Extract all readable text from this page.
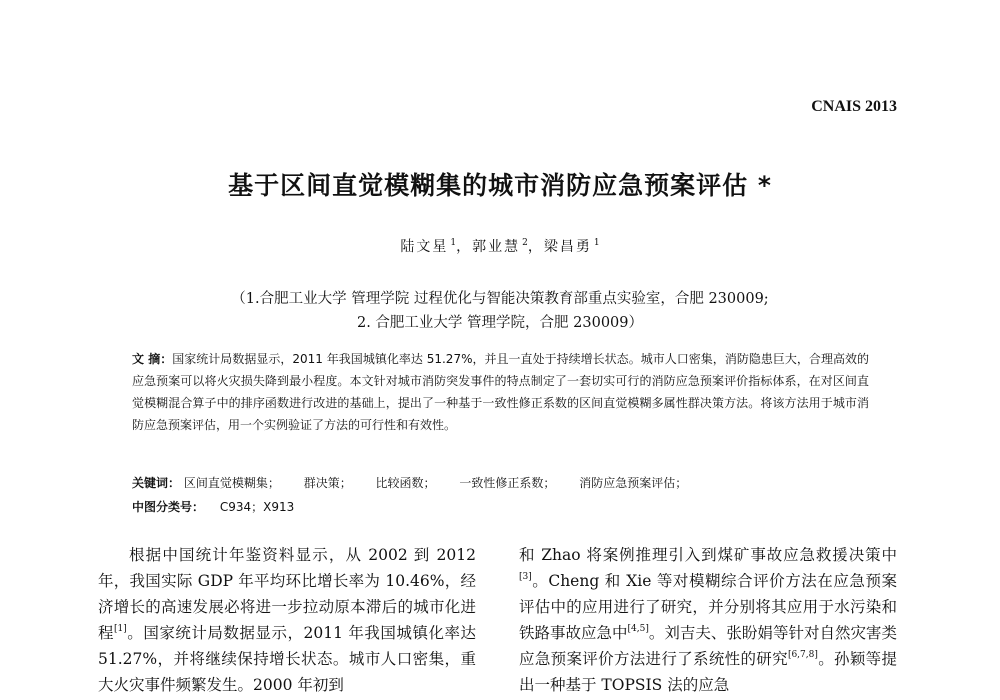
CNAIS 2013
基于区间直觉模糊集的城市消防应急预案评估 *
陆文星 $^1$，郭业慧 $^2$，梁昌勇 $^1$
（1.合肥工业大学 管理学院 过程优化与智能决策教育部重点实验室，合肥 230009;
2. 合肥工业大学 管理学院，合肥 230009）
文 摘：国家统计局数据显示，2011 年我国城镇化率达 51.27%，并且一直处于持续增长状态。城市人口密集，消防隐患巨大，合理高效的应急预案可以将火灾损失降到最小程度。本文针对城市消防突发事件的特点制定了一套切实可行的消防应急预案评价指标体系，在对区间直觉模糊混合算子中的排序函数进行改进的基础上，提出了一种基于一致性修正系数的区间直觉模糊多属性群决策方法。将该方法用于城市消防应急预案评估，用一个实例验证了方法的可行性和有效性。
关键词： 区间直觉模糊集； 群决策； 比较函数； 一致性修正系数； 消防应急预案评估；
中图分类号： C934；X913

根据中国统计年鉴资料显示，从 2002 到 2012 年，我国实际 GDP 年平均环比增长率为 10.46%，经济增长的高速发展必将进一步拉动原本滞后的城市化进程[1]。国家统计局数据显示，2011 年我国城镇化率达 51.27%，并将继续保持增长状态。城市人口密集，重大火灾事件频繁发生。2000 年初到

和 Zhao 将案例推理引入到煤矿事故应急救援决策中[3]。Cheng 和 Xie 等对模糊综合评价方法在应急预案评估中的应用进行了研究，并分别将其应用于水污染和铁路事故应急中[4,5]。刘吉夫、张盼娟等针对自然灾害类应急预案评价方法进行了系统性的研究[6,7,8]。孙颖等提出一种基于 TOPSIS 法的应急
